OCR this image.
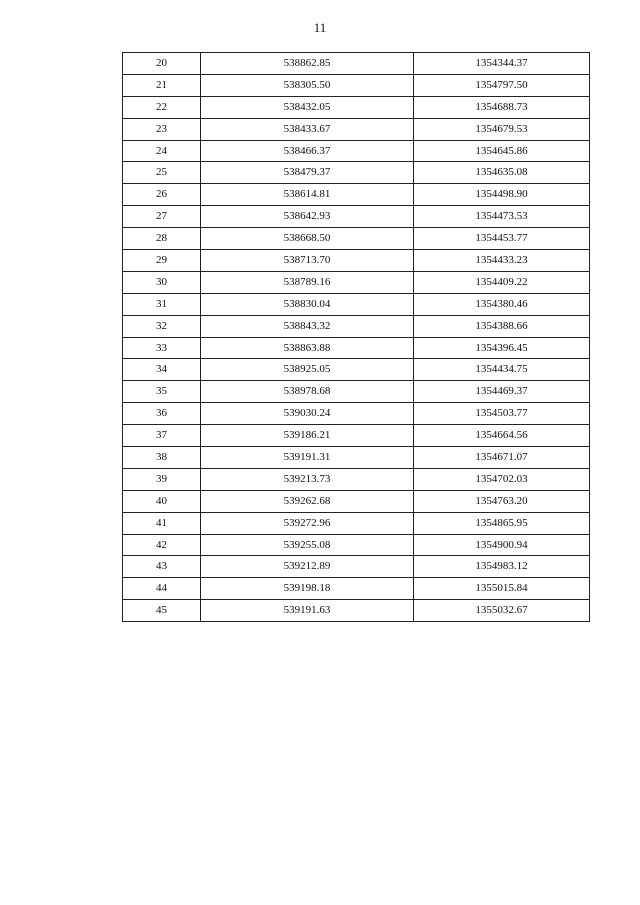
11
20	538862.85	1354344.37
21	538305.50	1354797.50
22	538432.05	1354688.73
23	538433.67	1354679.53
24	538466.37	1354645.86
25	538479.37	1354635.08
26	538614.81	1354498.90
27	538642.93	1354473.53
28	538668.50	1354453.77
29	538713.70	1354433.23
30	538789.16	1354409.22
31	538830.04	1354380.46
32	538843.32	1354388.66
33	538863.88	1354396.45
34	538925.05	1354434.75
35	538978.68	1354469.37
36	539030.24	1354503.77
37	539186.21	1354664.56
38	539191.31	1354671.07
39	539213.73	1354702.03
40	539262.68	1354763.20
41	539272.96	1354865.95
42	539255.08	1354900.94
43	539212.89	1354983.12
44	539198.18	1355015.84
45	539191.63	1355032.67
